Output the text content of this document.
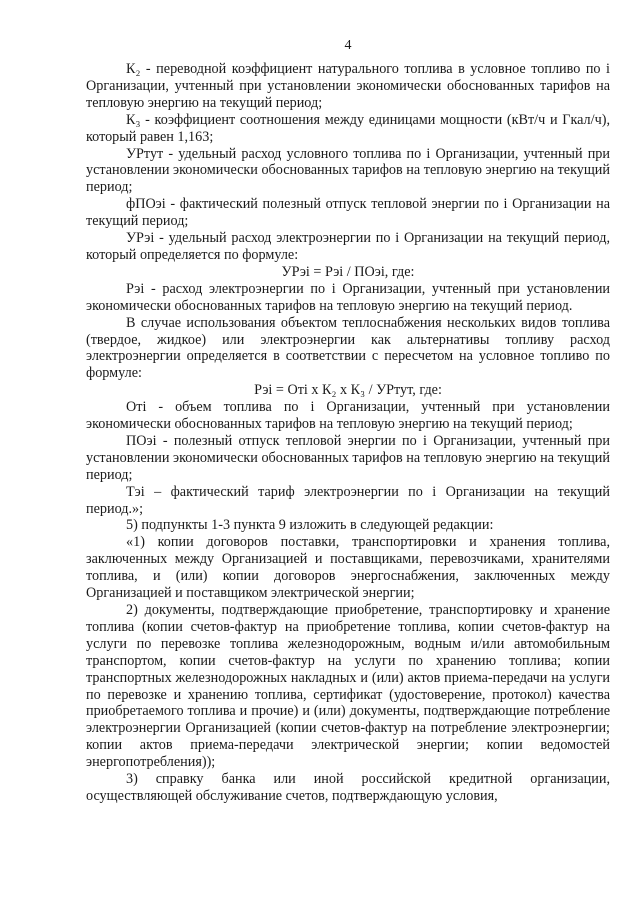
4

К₂ - переводной коэффициент натурального топлива в условное топливо по i Организации, учтенный при установлении экономически обоснованных тарифов на тепловую энергию на текущий период;

К₃ - коэффициент соотношения между единицами мощности (кВт/ч и Гкал/ч), который равен 1,163;

УРтут - удельный расход условного топлива по i Организации, учтенный при установлении экономически обоснованных тарифов на тепловую энергию на текущий период;

фПОэi - фактический полезный отпуск тепловой энергии по i Организации на текущий период;

УРэi - удельный расход электроэнергии по i Организации на текущий период, который определяется по формуле:

УРэi = Рэi / ПОэi, где:

Рэi - расход электроэнергии по i Организации, учтенный при установлении экономически обоснованных тарифов на тепловую энергию на текущий период.

В случае использования объектом теплоснабжения нескольких видов топлива (твердое, жидкое) или электроэнергии как альтернативы топливу расход электроэнергии определяется в соответствии с пересчетом на условное топливо по формуле:

Рэi = Отi х К₂ х К₃ / УРтут, где:

Отi - объем топлива по i Организации, учтенный при установлении экономически обоснованных тарифов на тепловую энергию на текущий период;

ПОэi - полезный отпуск тепловой энергии по i Организации, учтенный при установлении экономически обоснованных тарифов на тепловую энергию на текущий период;

Тэi – фактический тариф электроэнергии по i Организации на текущий период.»;

5) подпункты 1-3 пункта 9 изложить в следующей редакции:

«1) копии договоров поставки, транспортировки и хранения топлива, заключенных между Организацией и поставщиками, перевозчиками, хранителями топлива, и (или) копии договоров энергоснабжения, заключенных между Организацией и поставщиком электрической энергии;

2) документы, подтверждающие приобретение, транспортировку и хранение топлива (копии счетов-фактур на приобретение топлива, копии счетов-фактур на услуги по перевозке топлива железнодорожным, водным и/или автомобильным транспортом, копии счетов-фактур на услуги по хранению топлива; копии транспортных железнодорожных накладных и (или) актов приема-передачи на услуги по перевозке и хранению топлива, сертификат (удостоверение, протокол) качества приобретаемого топлива и прочие) и (или) документы, подтверждающие потребление электроэнергии Организацией (копии счетов-фактур на потребление электроэнергии; копии актов приема-передачи электрической энергии; копии ведомостей энергопотребления));

3) справку банка или иной российской кредитной организации, осуществляющей обслуживание счетов, подтверждающую условия,
